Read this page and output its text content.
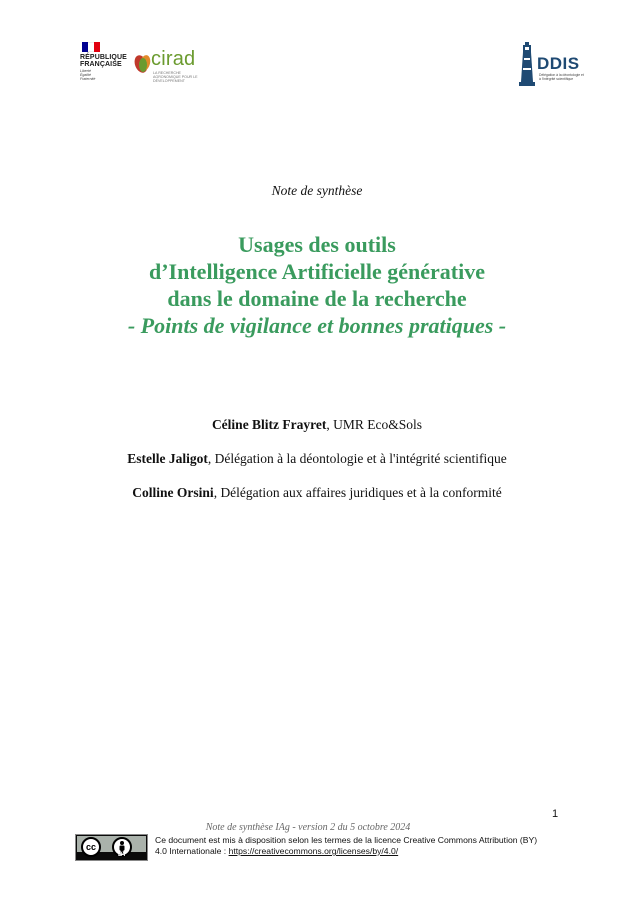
RÉPUBLIQUE
FRANÇAISE
Liberté
Égalité
Fraternité
cirad
LA RECHERCHE AGRONOMIQUE POUR LE DÉVELOPPEMENT
DDIS
Délégation à la déontologie et à l'intégrité scientifique
Note de synthèse
Usages des outils
d’Intelligence Artificielle générative
dans le domaine de la recherche
- Points de vigilance et bonnes pratiques -
Céline Blitz Frayret, UMR Eco&Sols
Estelle Jaligot, Délégation à la déontologie et à l'intégrité scientifique
Colline Orsini, Délégation aux affaires juridiques et à la conformité
1
Note de synthèse IAg - version 2 du 5 octobre 2024
cc
BY
Ce document est mis à disposition selon les termes de la licence Creative Commons Attribution (BY) 4.0 Internationale : https://creativecommons.org/licenses/by/4.0/
